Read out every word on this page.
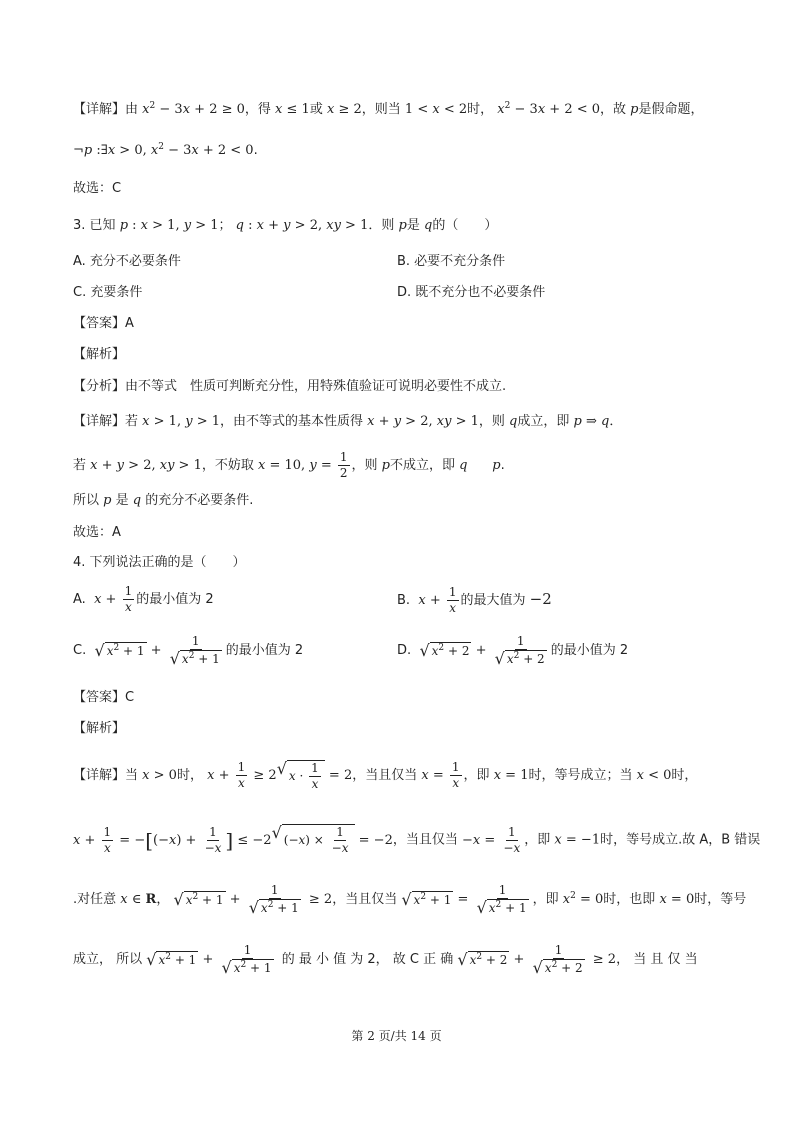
【详解】由 $x^2 - 3x + 2 \ge 0$，得 x ≤ 1或 x ≥ 2，则当 1 < x < 2时， $x^2 - 3x + 2 < 0$，故 p是假命题，
¬p :∃x > 0, $x^2 - 3x + 2 < 0$.
故选：C
3. 已知 p : x > 1, y > 1； q : x + y > 2, xy > 1．则 p是 q的（　　）
A. 充分不必要条件	B. 必要不充分条件
C. 充要条件	D. 既不充分也不必要条件
【答案】A
【解析】
【分析】由不等式　性质可判断充分性，用特殊值验证可说明必要性不成立.
【详解】若 x > 1, y > 1，由不等式的基本性质得 x + y > 2, xy > 1，则 q成立，即 p ⇒ q．
若 x + y > 2, xy > 1，不妨取 x = 10, $y = \frac{1}{2}$ ，则 p不成立，即 q p.
所以 p 是 q 的充分不必要条件.
故选：A
4. 下列说法正确的是（　　）
A. $x + \frac{1}{x}$ 的最小值为 2	B. $x + \frac{1}{x}$ 的最大值为 −2
C. √ $x^2 + 1 + \frac{1}{√ x^2 + 1}$ 的最小值为 2	D. √ $x^2 + 2 + \frac{1}{√ x^2 + 2}$ 的最小值为 2
【答案】C
【解析】
【详解】当 x > 0时， $x + \frac{1}{x} \ge 2$ √ $x \cdot \frac{1}{x} = 2$，当且仅当 $x = \frac{1}{x}$ ，即 x = 1时，等号成立；当 x < 0时，
$x + \frac{1}{x} = -[(-x) + \frac{1}{-x}$ ] ≤ −2 √ $(-x) \times \frac{1}{-x} = -2$，当且仅当 $-x = \frac{1}{-x}$ ，即 x = −1时，等号成立.故 A，B 错误
.对任意 x ∈ R， √ $x^2 + 1 + \frac{1}{√ x^2 + 1} \ge 2$，当且仅当 √ $x^2 + 1 = \frac{1}{√ x^2 + 1}$ ，即 $x^2 = 0$时，也即 x = 0时，等号
成立， 所以 √ $x^2 + 1 + \frac{1}{√ x^2 + 1}$ 的 最 小 值 为 2， 故 C 正 确 √ $x^2 + 2 + \frac{1}{√ x^2 + 2} \ge 2$， 当 且 仅 当
第 2 页/共 14 页
